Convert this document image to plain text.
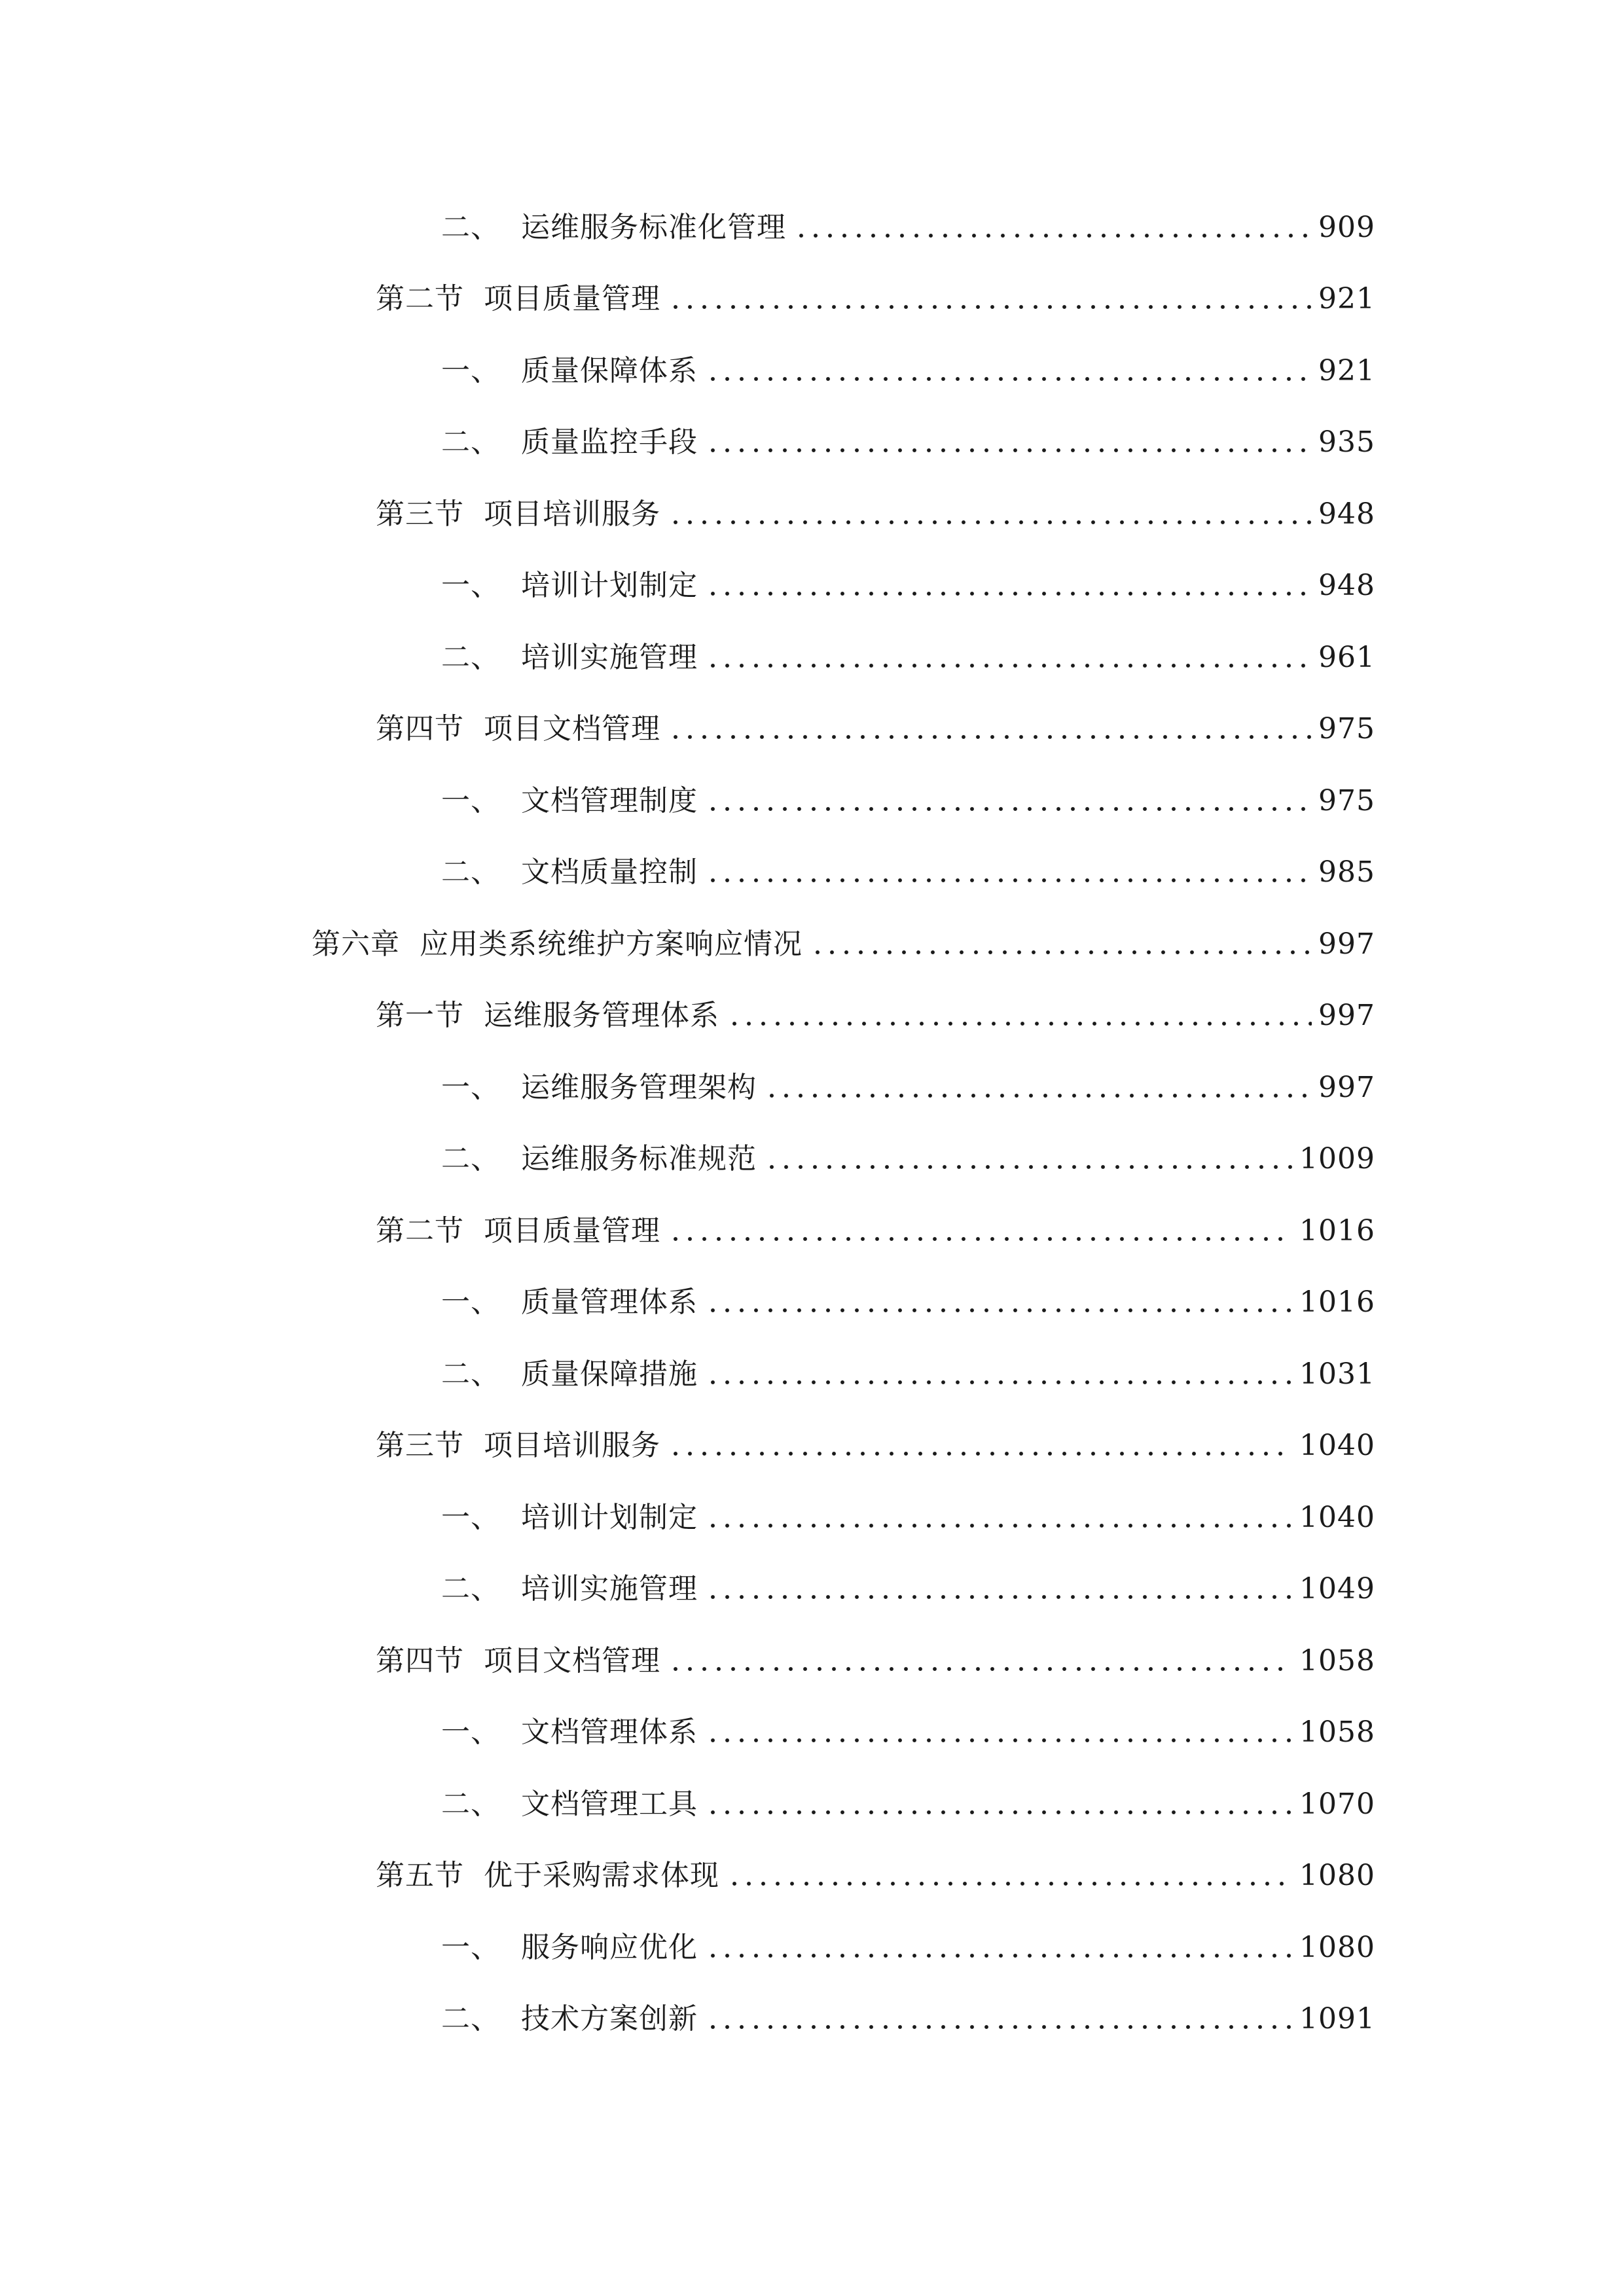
二、 运维服务标准化管理	909
第二节 项目质量管理	921
一、 质量保障体系	921
二、 质量监控手段	935
第三节 项目培训服务	948
一、 培训计划制定	948
二、 培训实施管理	961
第四节 项目文档管理	975
一、 文档管理制度	975
二、 文档质量控制	985
第六章 应用类系统维护方案响应情况	997
第一节 运维服务管理体系	997
一、 运维服务管理架构	997
二、 运维服务标准规范	1009
第二节 项目质量管理	1016
一、 质量管理体系	1016
二、 质量保障措施	1031
第三节 项目培训服务	1040
一、 培训计划制定	1040
二、 培训实施管理	1049
第四节 项目文档管理	1058
一、 文档管理体系	1058
二、 文档管理工具	1070
第五节 优于采购需求体现	1080
一、 服务响应优化	1080
二、 技术方案创新	1091
